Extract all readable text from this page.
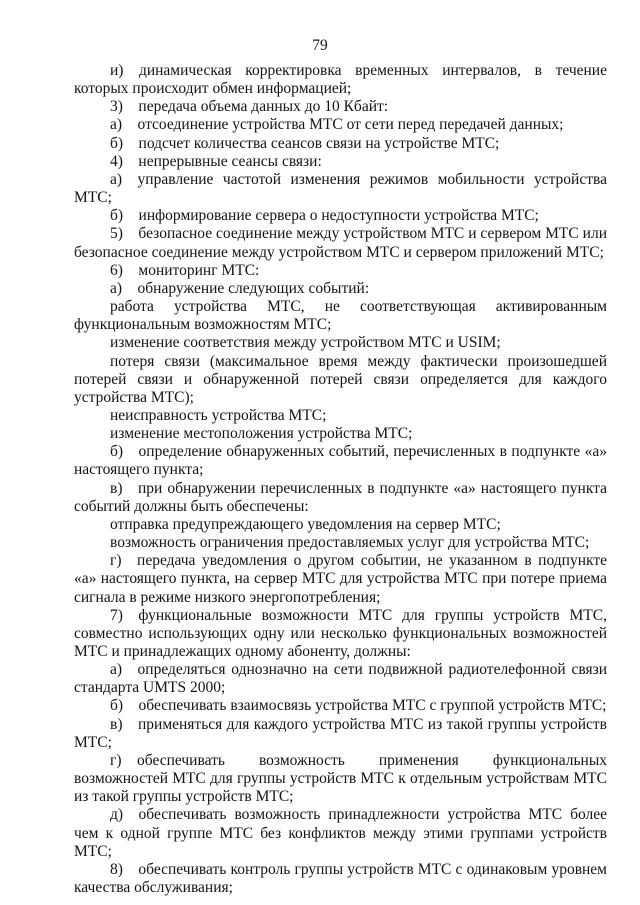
79

и) динамическая корректировка временных интервалов, в течение которых происходит обмен информацией;

3) передача объема данных до 10 Кбайт:

а) отсоединение устройства МТС от сети перед передачей данных;

б) подсчет количества сеансов связи на устройстве МТС;

4) непрерывные сеансы связи:

а) управление частотой изменения режимов мобильности устройства МТС;

б) информирование сервера о недоступности устройства МТС;

5) безопасное соединение между устройством МТС и сервером МТС или безопасное соединение между устройством МТС и сервером приложений МТС;

6) мониторинг МТС:

а) обнаружение следующих событий:

работа устройства МТС, не соответствующая активированным функциональным возможностям МТС;

изменение соответствия между устройством МТС и USIM;

потеря связи (максимальное время между фактически произошедшей потерей связи и обнаруженной потерей связи определяется для каждого устройства МТС);

неисправность устройства МТС;

изменение местоположения устройства МТС;

б) определение обнаруженных событий, перечисленных в подпункте «а» настоящего пункта;

в) при обнаружении перечисленных в подпункте «а» настоящего пункта событий должны быть обеспечены:

отправка предупреждающего уведомления на сервер МТС;

возможность ограничения предоставляемых услуг для устройства МТС;

г) передача уведомления о другом событии, не указанном в подпункте «а» настоящего пункта, на сервер МТС для устройства МТС при потере приема сигнала в режиме низкого энергопотребления;

7) функциональные возможности МТС для группы устройств МТС, совместно использующих одну или несколько функциональных возможностей МТС и принадлежащих одному абоненту, должны:

а) определяться однозначно на сети подвижной радиотелефонной связи стандарта UMTS 2000;

б) обеспечивать взаимосвязь устройства МТС с группой устройств МТС;

в) применяться для каждого устройства МТС из такой группы устройств МТС;

г) обеспечивать возможность применения функциональных возможностей МТС для группы устройств МТС к отдельным устройствам МТС из такой группы устройств МТС;

д) обеспечивать возможность принадлежности устройства МТС более чем к одной группе МТС без конфликтов между этими группами устройств МТС;

8) обеспечивать контроль группы устройств МТС с одинаковым уровнем качества обслуживания;
